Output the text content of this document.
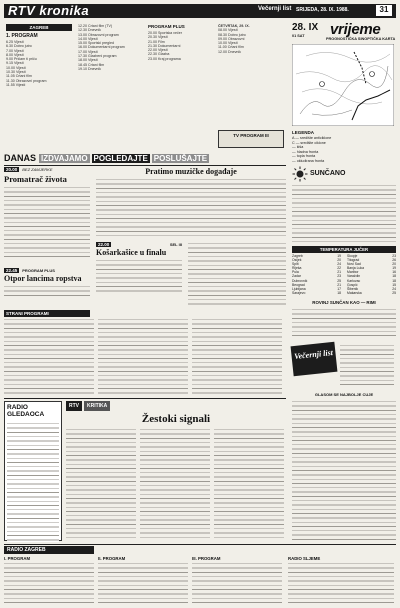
RTV kronika	Večernji list SRIJEDA, 28. IX. 1988.	31
ZAGREB
1. PROGRAM
6.25 Vijesti
6.30 Dobro jutro
7.00 Vijesti
8.00 Vijesti
9.00 Pričam ti priču
9.15 Vijesti
10.00 Vijesti
10.30 Vijesti
11.05 Crtani film
11.30 Obrazovni program
11.55 Vijesti
12.20 Crtani film (TV)
12.30 Dnevnik
13.00 Obrazovni program
14.00 Vijesti
15.00 Sportski pregled
16.00 Dokumentarni program
17.00 Vijesti
17.30 Glazbeni program
18.00 Vijesti
18.45 Crtani film
19.10 Dnevnik
PROGRAM PLUS
20.00 Sportska večer
20.30 Vijesti
21.00 Film
21.30 Dokumentarni
22.00 Vijesti
22.30 Glazba
23.00 Kraj programa
ČETVRTAK, 29. IX.
08.00 Vijesti
08.30 Dobro jutro
09.00 Obrazovni
10.00 Vijesti
11.00 Crtani film
12.00 Dnevnik
TV PROGRAM III
28. IX
01 SAT vrijeme
PROGNOSTIČKA SINOPTIČKA KARTA
LEGENDA
A — središte anticiklone
C — središte ciklone
— kiša
— hladna fronta
— topla fronta
— okludirana fronta
SUNČANO
TEMPERATURA JUČER
Zagreb	19 Skopje	23
Osijek	20 Titograd	26
Split	24 Novi Sad	20
Rijeka	22 Banja Luka	19
Pula	21 Maribor	16
Zadar	23 Varaždin	18
Dubrovnik	25 Karlovac	18
Beograd	21 Gospić	15
Ljubljana	17 Šibenik	24
Sarajevo	18 Makarska	25
ROVINJ SUNČAN KAO — RIMI
DANAS IZDVAJAMO POGLEDAJTE POSLUŠAJTE
20.00	BEZ ZAMJERKE
Promatrač života
Pratimo muzičke događaje
22.45	PROGRAM PLUS
Otpor lancima ropstva
22.00	SEL III
Košarkašice u finalu
STRANI PROGRAMI
RADIO GLEDAOCA
RTV	KRITIKA
Žestoki signali
Večernji list
GLASOM SE NAJBOLJE CUJE
RADIO ZAGREB
I. PROGRAM	II. PROGRAM	III. PROGRAM	RADIO SLJEME
